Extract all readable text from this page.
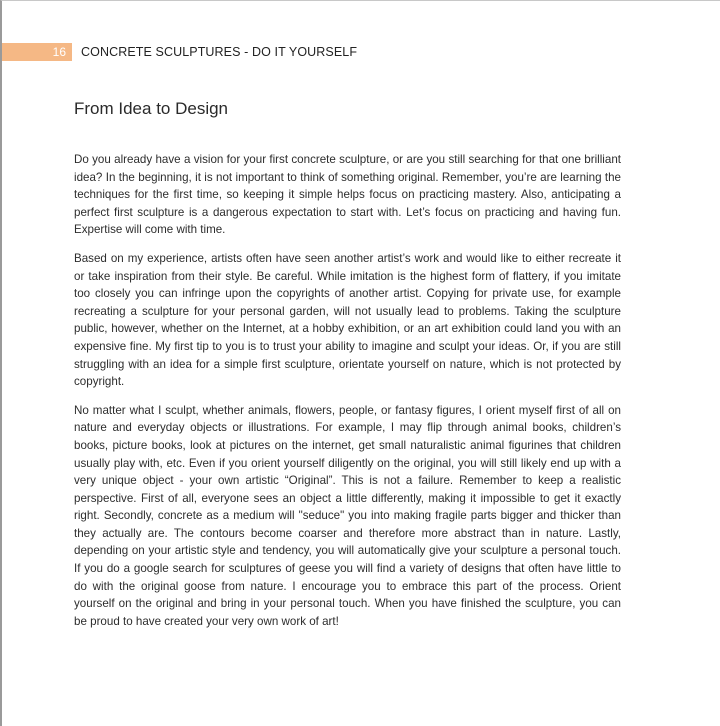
16	CONCRETE SCULPTURES - DO IT YOURSELF
From Idea to Design

Do you already have a vision for your first concrete sculpture, or are you still searching for that one brilliant idea? In the beginning, it is not important to think of something original. Remember, you’re are learning the techniques for the first time, so keeping it simple helps focus on practicing mastery. Also, anticipating a perfect first sculpture is a dangerous expectation to start with. Let’s focus on practicing and having fun. Expertise will come with time.

Based on my experience, artists often have seen another artist’s work and would like to either recreate it or take inspiration from their style. Be careful. While imitation is the highest form of flattery, if you imitate too closely you can infringe upon the copyrights of another artist. Copying for private use, for example recreating a sculpture for your personal garden, will not usually lead to problems. Taking the sculpture public, however, whether on the Internet, at a hobby exhibition, or an art exhibition could land you with an expensive fine. My first tip to you is to trust your ability to imagine and sculpt your ideas. Or, if you are still struggling with an idea for a simple first sculpture, orientate yourself on nature, which is not protected by copyright.

No matter what I sculpt, whether animals, flowers, people, or fantasy figures, I orient myself first of all on nature and everyday objects or illustrations. For example, I may flip through animal books, children’s books, picture books, look at pictures on the internet, get small naturalistic animal figurines that children usually play with, etc. Even if you orient yourself diligently on the original, you will still likely end up with a very unique object - your own artistic “Original”. This is not a failure. Remember to keep a realistic perspective. First of all, everyone sees an object a little differently, making it impossible to get it exactly right. Secondly, concrete as a medium will "seduce" you into making fragile parts bigger and thicker than they actually are. The contours become coarser and therefore more abstract than in nature. Lastly, depending on your artistic style and tendency, you will automatically give your sculpture a personal touch. If you do a google search for sculptures of geese you will find a variety of designs that often have little to do with the original goose from nature. I encourage you to embrace this part of the process. Orient yourself on the original and bring in your personal touch. When you have finished the sculpture, you can be proud to have created your very own work of art!
